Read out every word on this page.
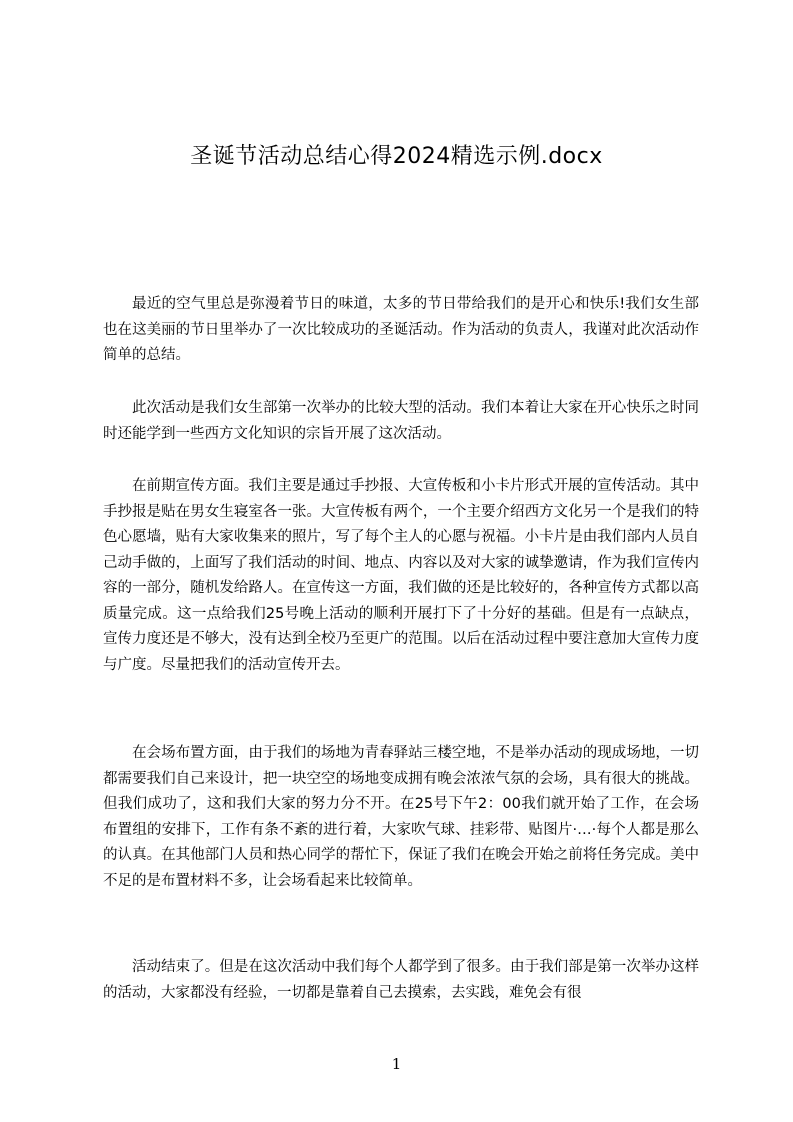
圣诞节活动总结心得2024精选示例.docx

最近的空气里总是弥漫着节日的味道，太多的节日带给我们的是开心和快乐!我们女生部也在这美丽的节日里举办了一次比较成功的圣诞活动。作为活动的负责人，我谨对此次活动作简单的总结。

此次活动是我们女生部第一次举办的比较大型的活动。我们本着让大家在开心快乐之时同时还能学到一些西方文化知识的宗旨开展了这次活动。

在前期宣传方面。我们主要是通过手抄报、大宣传板和小卡片形式开展的宣传活动。其中手抄报是贴在男女生寝室各一张。大宣传板有两个，一个主要介绍西方文化另一个是我们的特色心愿墙，贴有大家收集来的照片，写了每个主人的心愿与祝福。小卡片是由我们部内人员自己动手做的，上面写了我们活动的时间、地点、内容以及对大家的诚挚邀请，作为我们宣传内容的一部分，随机发给路人。在宣传这一方面，我们做的还是比较好的，各种宣传方式都以高质量完成。这一点给我们25号晚上活动的顺利开展打下了十分好的基础。但是有一点缺点，宣传力度还是不够大，没有达到全校乃至更广的范围。以后在活动过程中要注意加大宣传力度与广度。尽量把我们的活动宣传开去。

在会场布置方面，由于我们的场地为青春驿站三楼空地，不是举办活动的现成场地，一切都需要我们自己来设计，把一块空空的场地变成拥有晚会浓浓气氛的会场，具有很大的挑战。但我们成功了，这和我们大家的努力分不开。在25号下午2：00我们就开始了工作，在会场布置组的安排下，工作有条不紊的进行着，大家吹气球、挂彩带、贴图片·…·每个人都是那么的认真。在其他部门人员和热心同学的帮忙下，保证了我们在晚会开始之前将任务完成。美中不足的是布置材料不多，让会场看起来比较简单。

活动结束了。但是在这次活动中我们每个人都学到了很多。由于我们部是第一次举办这样的活动，大家都没有经验，一切都是靠着自己去摸索，去实践，难免会有很

1
